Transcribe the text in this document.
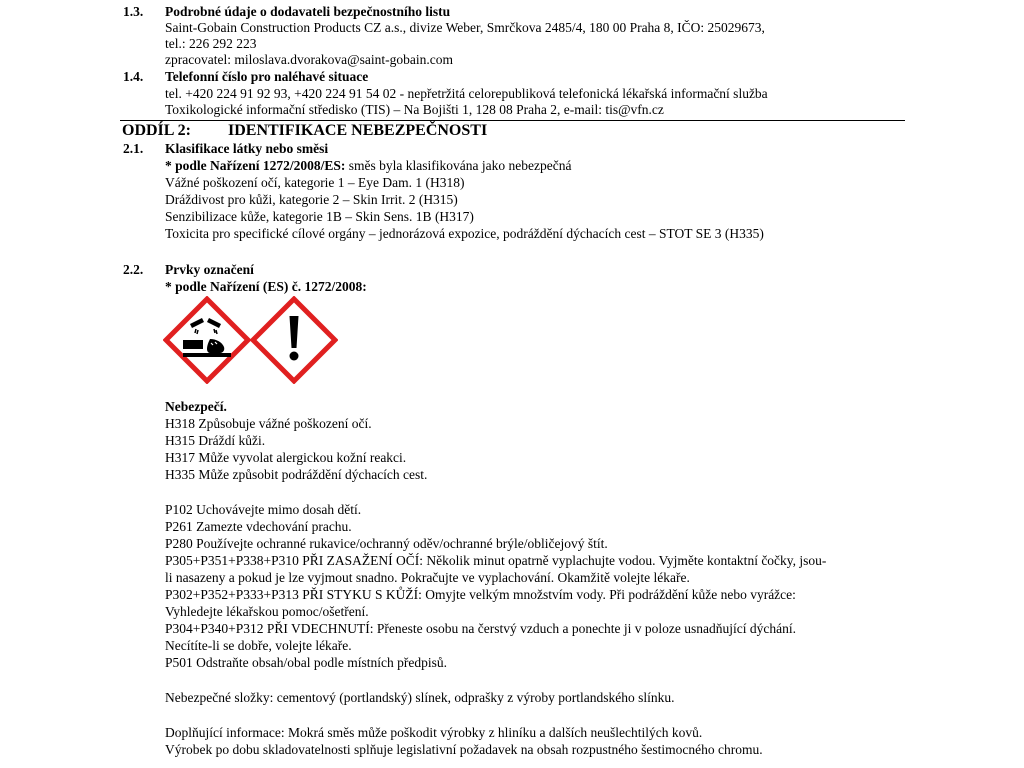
1.3. Podrobné údaje o dodavateli bezpečnostního listu
Saint-Gobain Construction Products CZ a.s., divize Weber, Smrčkova 2485/4, 180 00 Praha 8, IČO: 25029673,
tel.: 226 292 223
zpracovatel: miloslava.dvorakova@saint-gobain.com
1.4. Telefonní číslo pro naléhavé situace
tel. +420 224 91 92 93, +420 224 91 54 02 - nepřetržitá celorepubliková telefonická lékařská informační služba
Toxikologické informační středisko (TIS) – Na Bojišti 1, 128 08 Praha 2, e-mail: tis@vfn.cz
ODDÍL 2: IDENTIFIKACE NEBEZPEČNOSTI
2.1. Klasifikace látky nebo směsi
* podle Nařízení 1272/2008/ES: směs byla klasifikována jako nebezpečná
Vážné poškození očí, kategorie 1 – Eye Dam. 1 (H318)
Dráždivost pro kůži, kategorie 2 – Skin Irrit. 2 (H315)
Senzibilizace kůže, kategorie 1B – Skin Sens. 1B (H317)
Toxicita pro specifické cílové orgány – jednorázová expozice, podráždění dýchacích cest – STOT SE 3 (H335)
2.2. Prvky označení
* podle Nařízení (ES) č. 1272/2008:
Nebezpečí.
H318 Způsobuje vážné poškození očí.
H315 Dráždí kůži.
H317 Může vyvolat alergickou kožní reakci.
H335 Může způsobit podráždění dýchacích cest.
P102 Uchovávejte mimo dosah dětí.
P261 Zamezte vdechování prachu.
P280 Používejte ochranné rukavice/ochranný oděv/ochranné brýle/obličejový štít.
P305+P351+P338+P310 PŘI ZASAŽENÍ OČÍ: Několik minut opatrně vyplachujte vodou. Vyjměte kontaktní čočky, jsou-
li nasazeny a pokud je lze vyjmout snadno. Pokračujte ve vyplachování. Okamžitě volejte lékaře.
P302+P352+P333+P313 PŘI STYKU S KŮŽÍ: Omyjte velkým množstvím vody. Při podráždění kůže nebo vyrážce:
Vyhledejte lékařskou pomoc/ošetření.
P304+P340+P312 PŘI VDECHNUTÍ: Přeneste osobu na čerstvý vzduch a ponechte ji v poloze usnadňující dýchání.
Necítíte-li se dobře, volejte lékaře.
P501 Odstraňte obsah/obal podle místních předpisů.
Nebezpečné složky: cementový (portlandský) slínek, odprašky z výroby portlandského slínku.
Doplňující informace: Mokrá směs může poškodit výrobky z hliníku a dalších neušlechtilých kovů.
Výrobek po dobu skladovatelnosti splňuje legislativní požadavek na obsah rozpustného šestimocného chromu.
